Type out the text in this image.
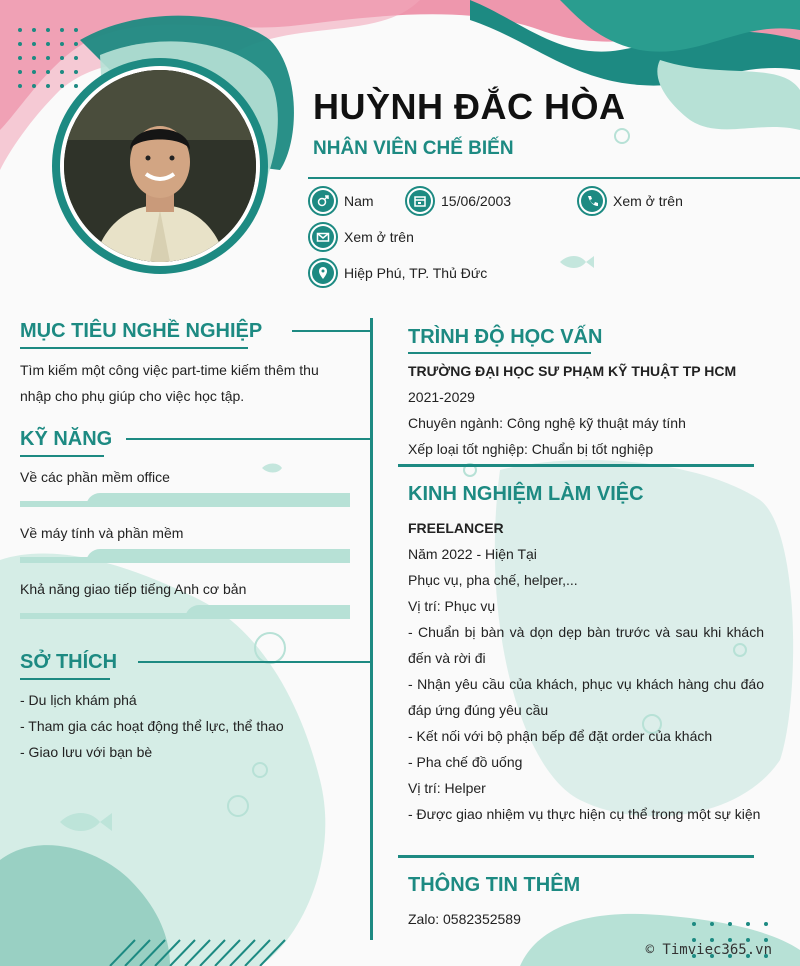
HUỲNH ĐẮC HÒA
NHÂN VIÊN CHẾ BIẾN
Nam	15/06/2003	Xem ở trên
Xem ở trên
Hiệp Phú, TP. Thủ Đức
MỤC TIÊU NGHỀ NGHIỆP
Tìm kiếm một công việc part-time kiếm thêm thu
nhập cho phụ giúp cho việc học tập.
KỸ NĂNG
Về các phần mềm office
Về máy tính và phần mềm
Khả năng giao tiếp tiếng Anh cơ bản
SỞ THÍCH
- Du lịch khám phá
- Tham gia các hoạt động thể lực, thể thao
- Giao lưu với bạn bè
TRÌNH ĐỘ HỌC VẤN
TRƯỜNG ĐẠI HỌC SƯ PHẠM KỸ THUẬT TP HCM
2021-2029
Chuyên ngành: Công nghệ kỹ thuật máy tính
Xếp loại tốt nghiệp: Chuẩn bị tốt nghiệp
KINH NGHIỆM LÀM VIỆC
FREELANCER
Năm 2022 - Hiện Tại
Phục vụ, pha chế, helper,...
Vị trí: Phục vụ
- Chuẩn bị bàn và dọn dẹp bàn trước và sau khi khách
đến và rời đi
- Nhận yêu cầu của khách, phục vụ khách hàng chu đáo
đáp ứng đúng yêu cầu
- Kết nối với bộ phận bếp để đặt order của khách
- Pha chế đồ uống
Vị trí: Helper
- Được giao nhiệm vụ thực hiện cụ thể trong một sự kiện
THÔNG TIN THÊM
Zalo: 0582352589
© Timviec365.vn
